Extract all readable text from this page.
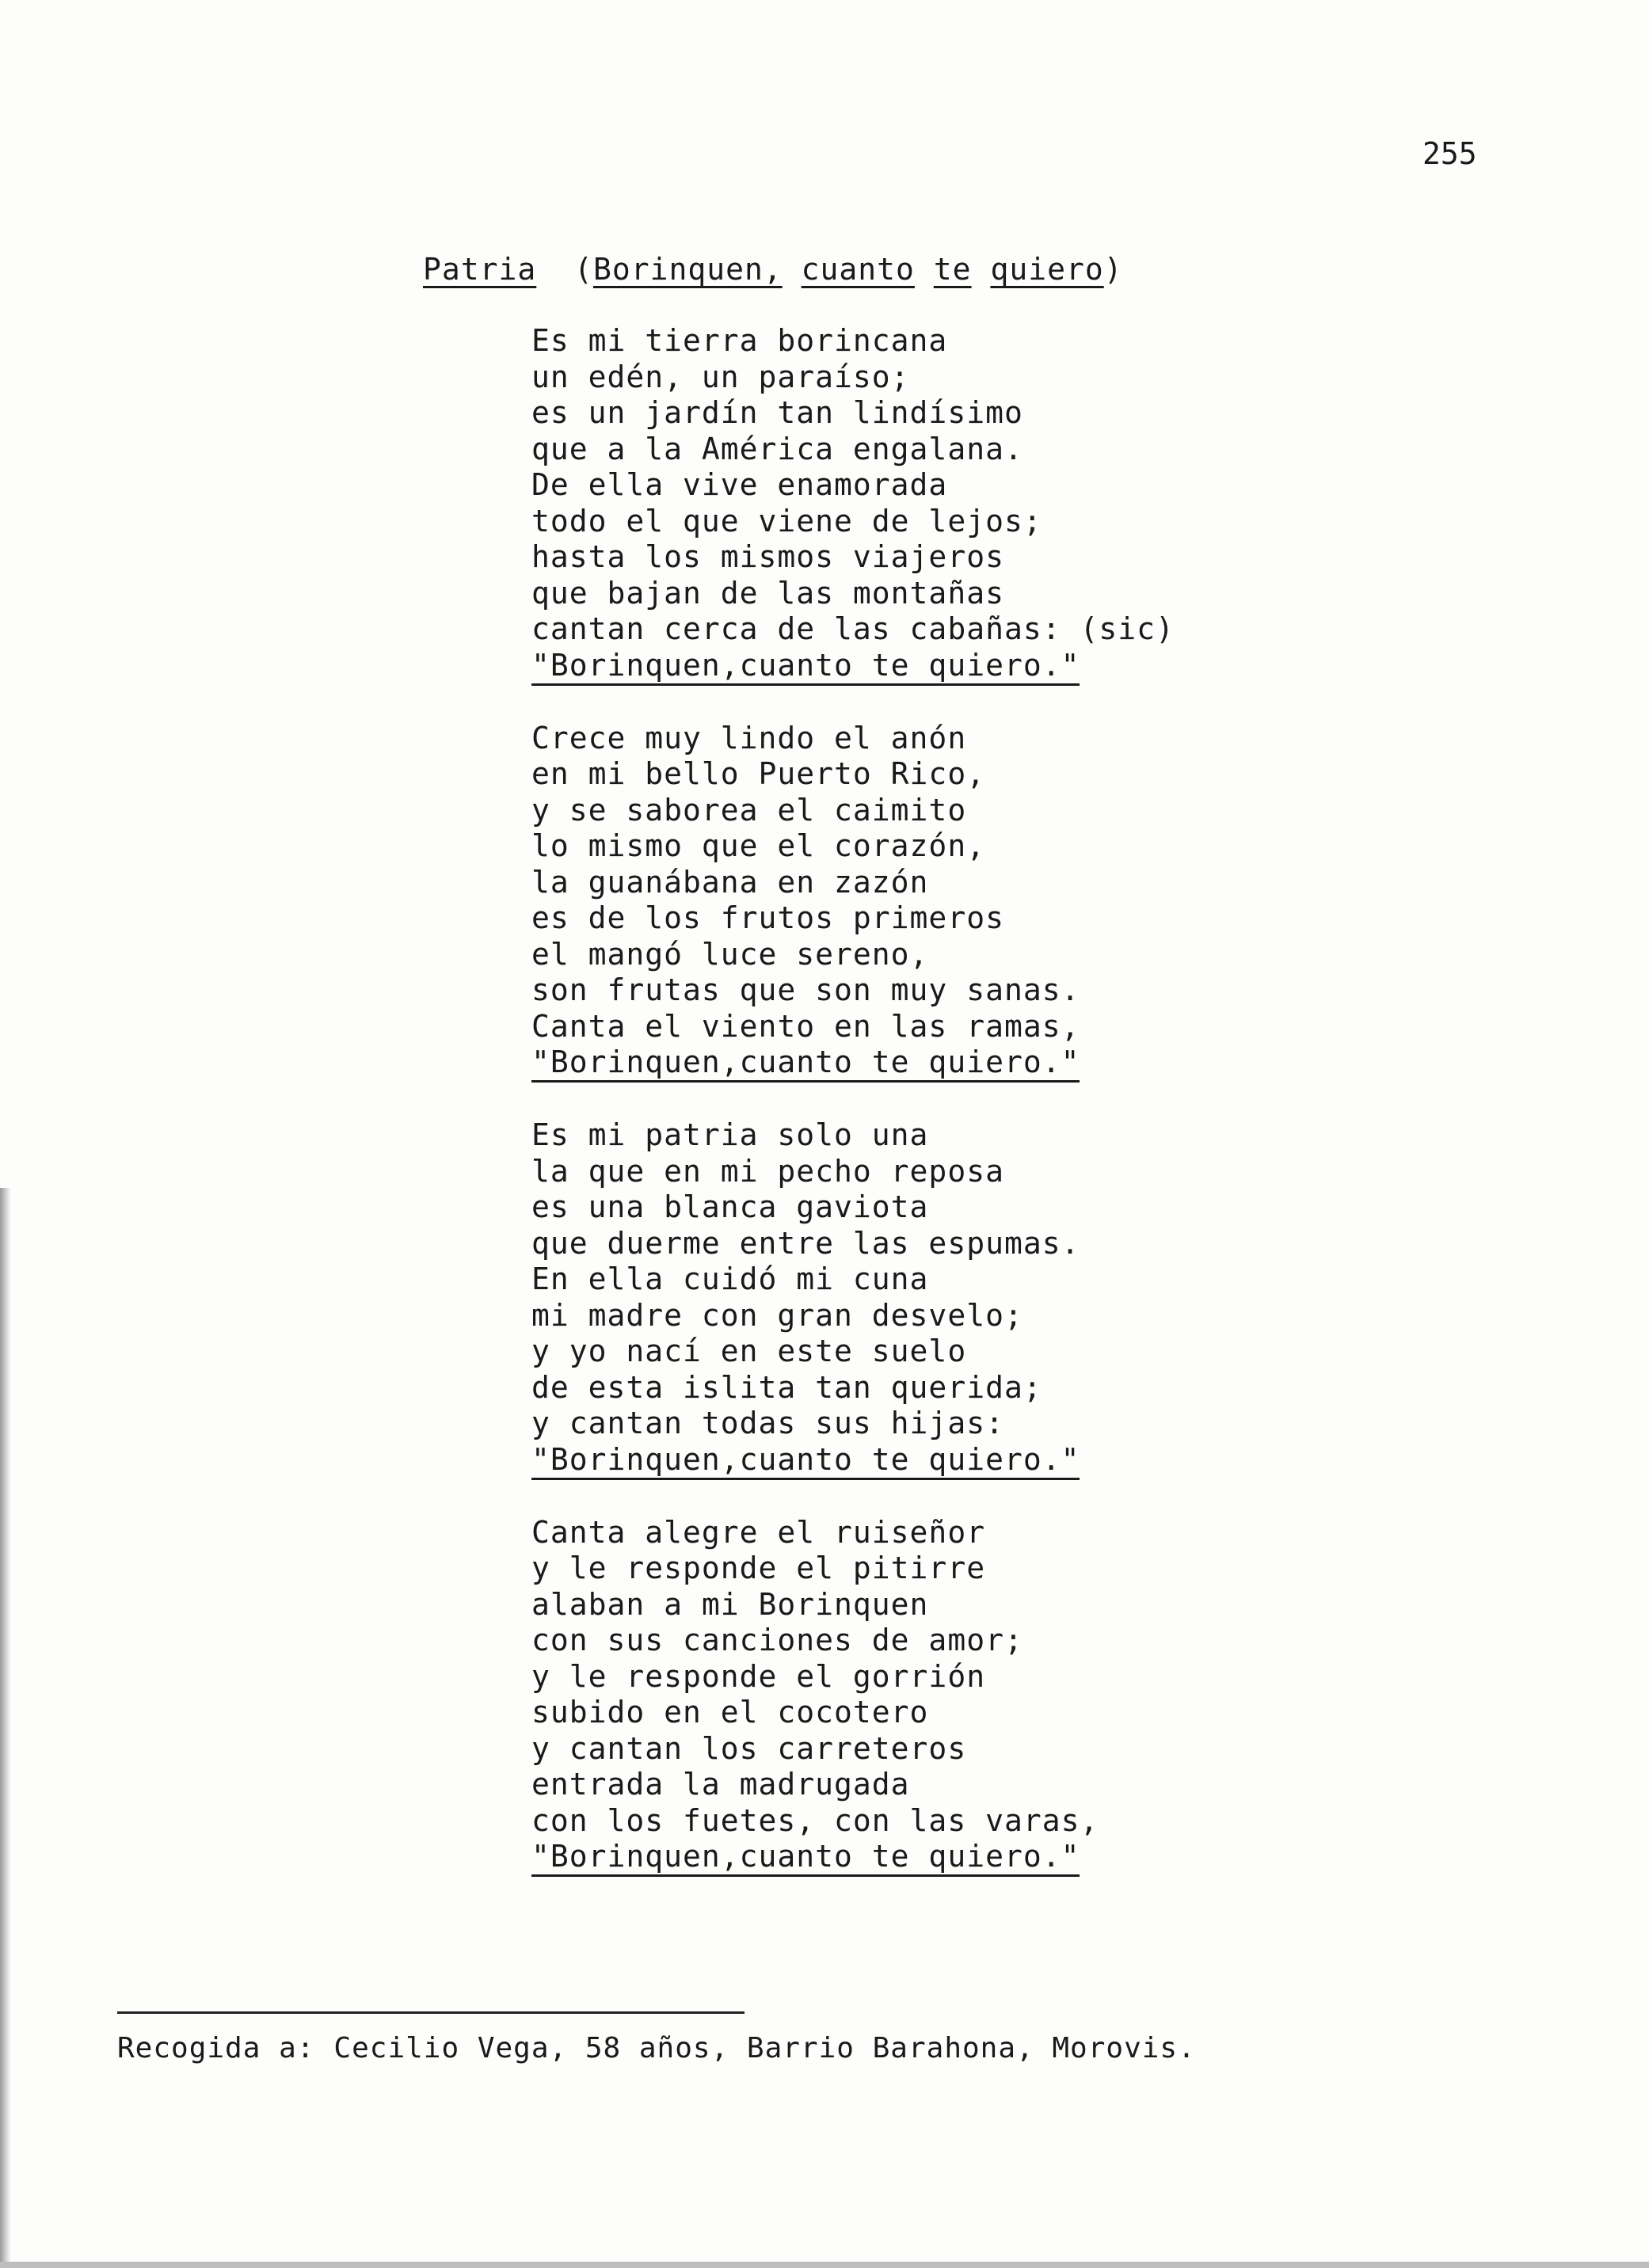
255
Patria (Borinquen, cuanto te quiero)
Es mi tierra borincana
un edén, un paraíso;
es un jardín tan lindísimo
que a la América engalana.
De ella vive enamorada
todo el que viene de lejos;
hasta los mismos viajeros
que bajan de las montañas
cantan cerca de las cabañas: (sic)
"Borinquen,cuanto te quiero."
Crece muy lindo el anón
en mi bello Puerto Rico,
y se saborea el caimito
lo mismo que el corazón,
la guanábana en zazón
es de los frutos primeros
el mangó luce sereno,
son frutas que son muy sanas.
Canta el viento en las ramas,
"Borinquen,cuanto te quiero."
Es mi patria solo una
la que en mi pecho reposa
es una blanca gaviota
que duerme entre las espumas.
En ella cuidó mi cuna
mi madre con gran desvelo;
y yo nací en este suelo
de esta islita tan querida;
y cantan todas sus hijas:
"Borinquen,cuanto te quiero."
Canta alegre el ruiseñor
y le responde el pitirre
alaban a mi Borinquen
con sus canciones de amor;
y le responde el gorrión
subido en el cocotero
y cantan los carreteros
entrada la madrugada
con los fuetes, con las varas,
"Borinquen,cuanto te quiero."
Recogida a: Cecilio Vega, 58 años, Barrio Barahona, Morovis.
